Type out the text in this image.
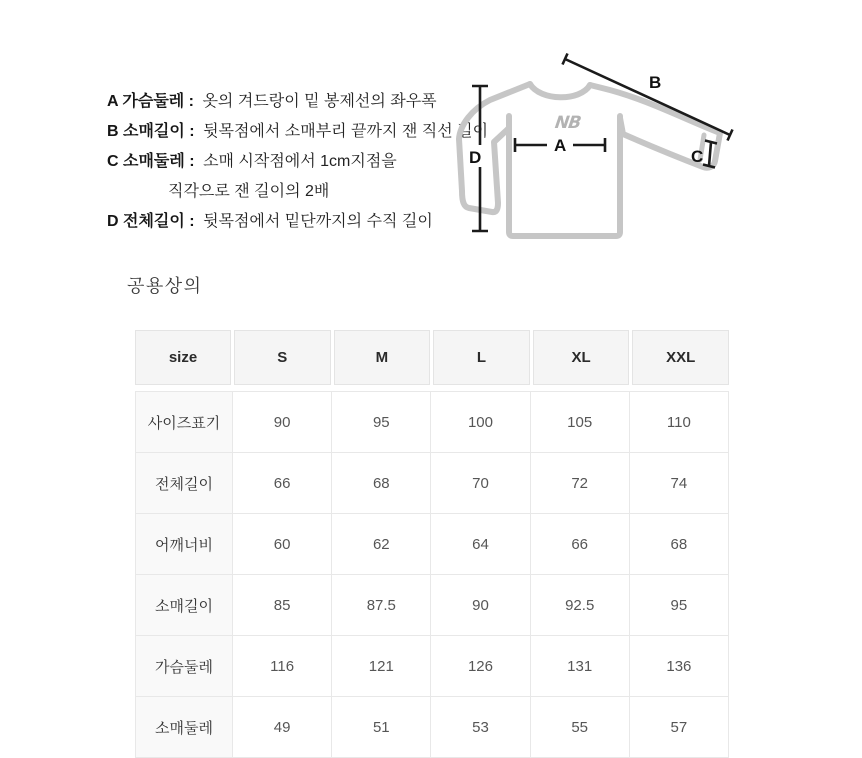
A 가슴둘레 : 옷의 겨드랑이 밑 봉제선의 좌우폭
B 소매길이 : 뒷목점에서 소매부리 끝까지 잰 직선 길이
C 소매둘레 : 소매 시작점에서 1cm지점을
직각으로 잰 길이의 2배
D 전체길이 : 뒷목점에서 밑단까지의 수직 길이
NB
A
B
C
D
공용상의
size	S	M	L	XL	XXL
사이즈표기	90	95	100	105	110
전체길이	66	68	70	72	74
어깨너비	60	62	64	66	68
소매길이	85	87.5	90	92.5	95
가슴둘레	116	121	126	131	136
소매둘레	49	51	53	55	57
